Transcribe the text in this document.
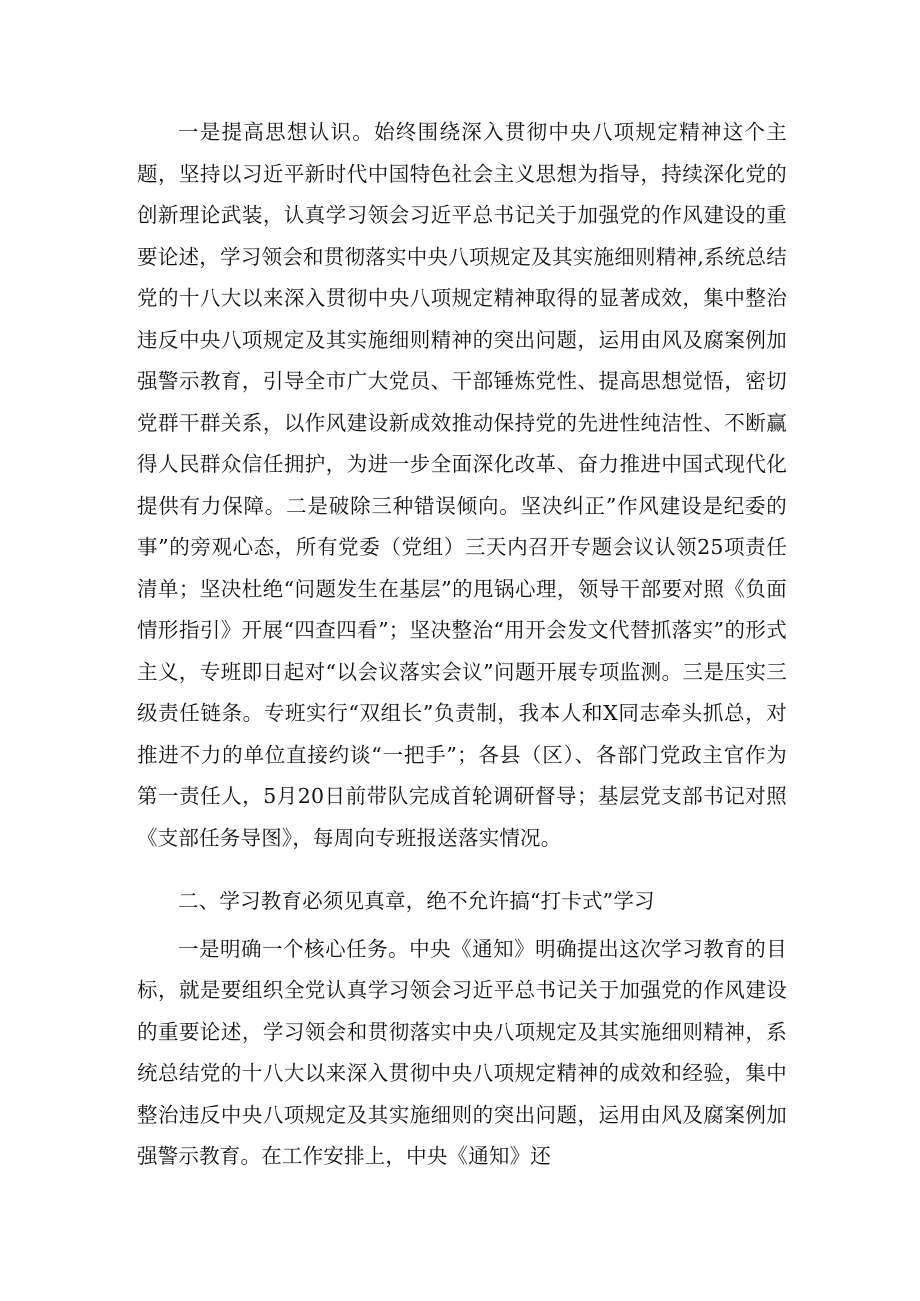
一是提高思想认识。始终围绕深入贯彻中央八项规定精神这个主题，坚持以习近平新时代中国特色社会主义思想为指导，持续深化党的创新理论武装，认真学习领会习近平总书记关于加强党的作风建设的重要论述，学习领会和贯彻落实中央八项规定及其实施细则精神,系统总结党的十八大以来深入贯彻中央八项规定精神取得的显著成效，集中整治违反中央八项规定及其实施细则精神的突出问题，运用由风及腐案例加强警示教育，引导全市广大党员、干部锤炼党性、提高思想觉悟，密切党群干群关系，以作风建设新成效推动保持党的先进性纯洁性、不断赢得人民群众信任拥护，为进一步全面深化改革、奋力推进中国式现代化提供有力保障。二是破除三种错误倾向。坚决纠正”作风建设是纪委的事”的旁观心态，所有党委（党组）三天内召开专题会议认领25项责任清单；坚决杜绝“问题发生在基层”的甩锅心理，领导干部要对照《负面情形指引》开展“四查四看”；坚决整治“用开会发文代替抓落实”的形式主义，专班即日起对“以会议落实会议”问题开展专项监测。三是压实三级责任链条。专班实行“双组长”负责制，我本人和X同志牵头抓总，对推进不力的单位直接约谈“一把手”；各县（区）、各部门党政主官作为第一责任人，5月20日前带队完成首轮调研督导；基层党支部书记对照《支部任务导图》，每周向专班报送落实情况。

二、学习教育必须见真章，绝不允许搞“打卡式”学习

一是明确一个核心任务。中央《通知》明确提出这次学习教育的目标，就是要组织全党认真学习领会习近平总书记关于加强党的作风建设的重要论述，学习领会和贯彻落实中央八项规定及其实施细则精神，系统总结党的十八大以来深入贯彻中央八项规定精神的成效和经验，集中整治违反中央八项规定及其实施细则的突出问题，运用由风及腐案例加强警示教育。在工作安排上，中央《通知》还
